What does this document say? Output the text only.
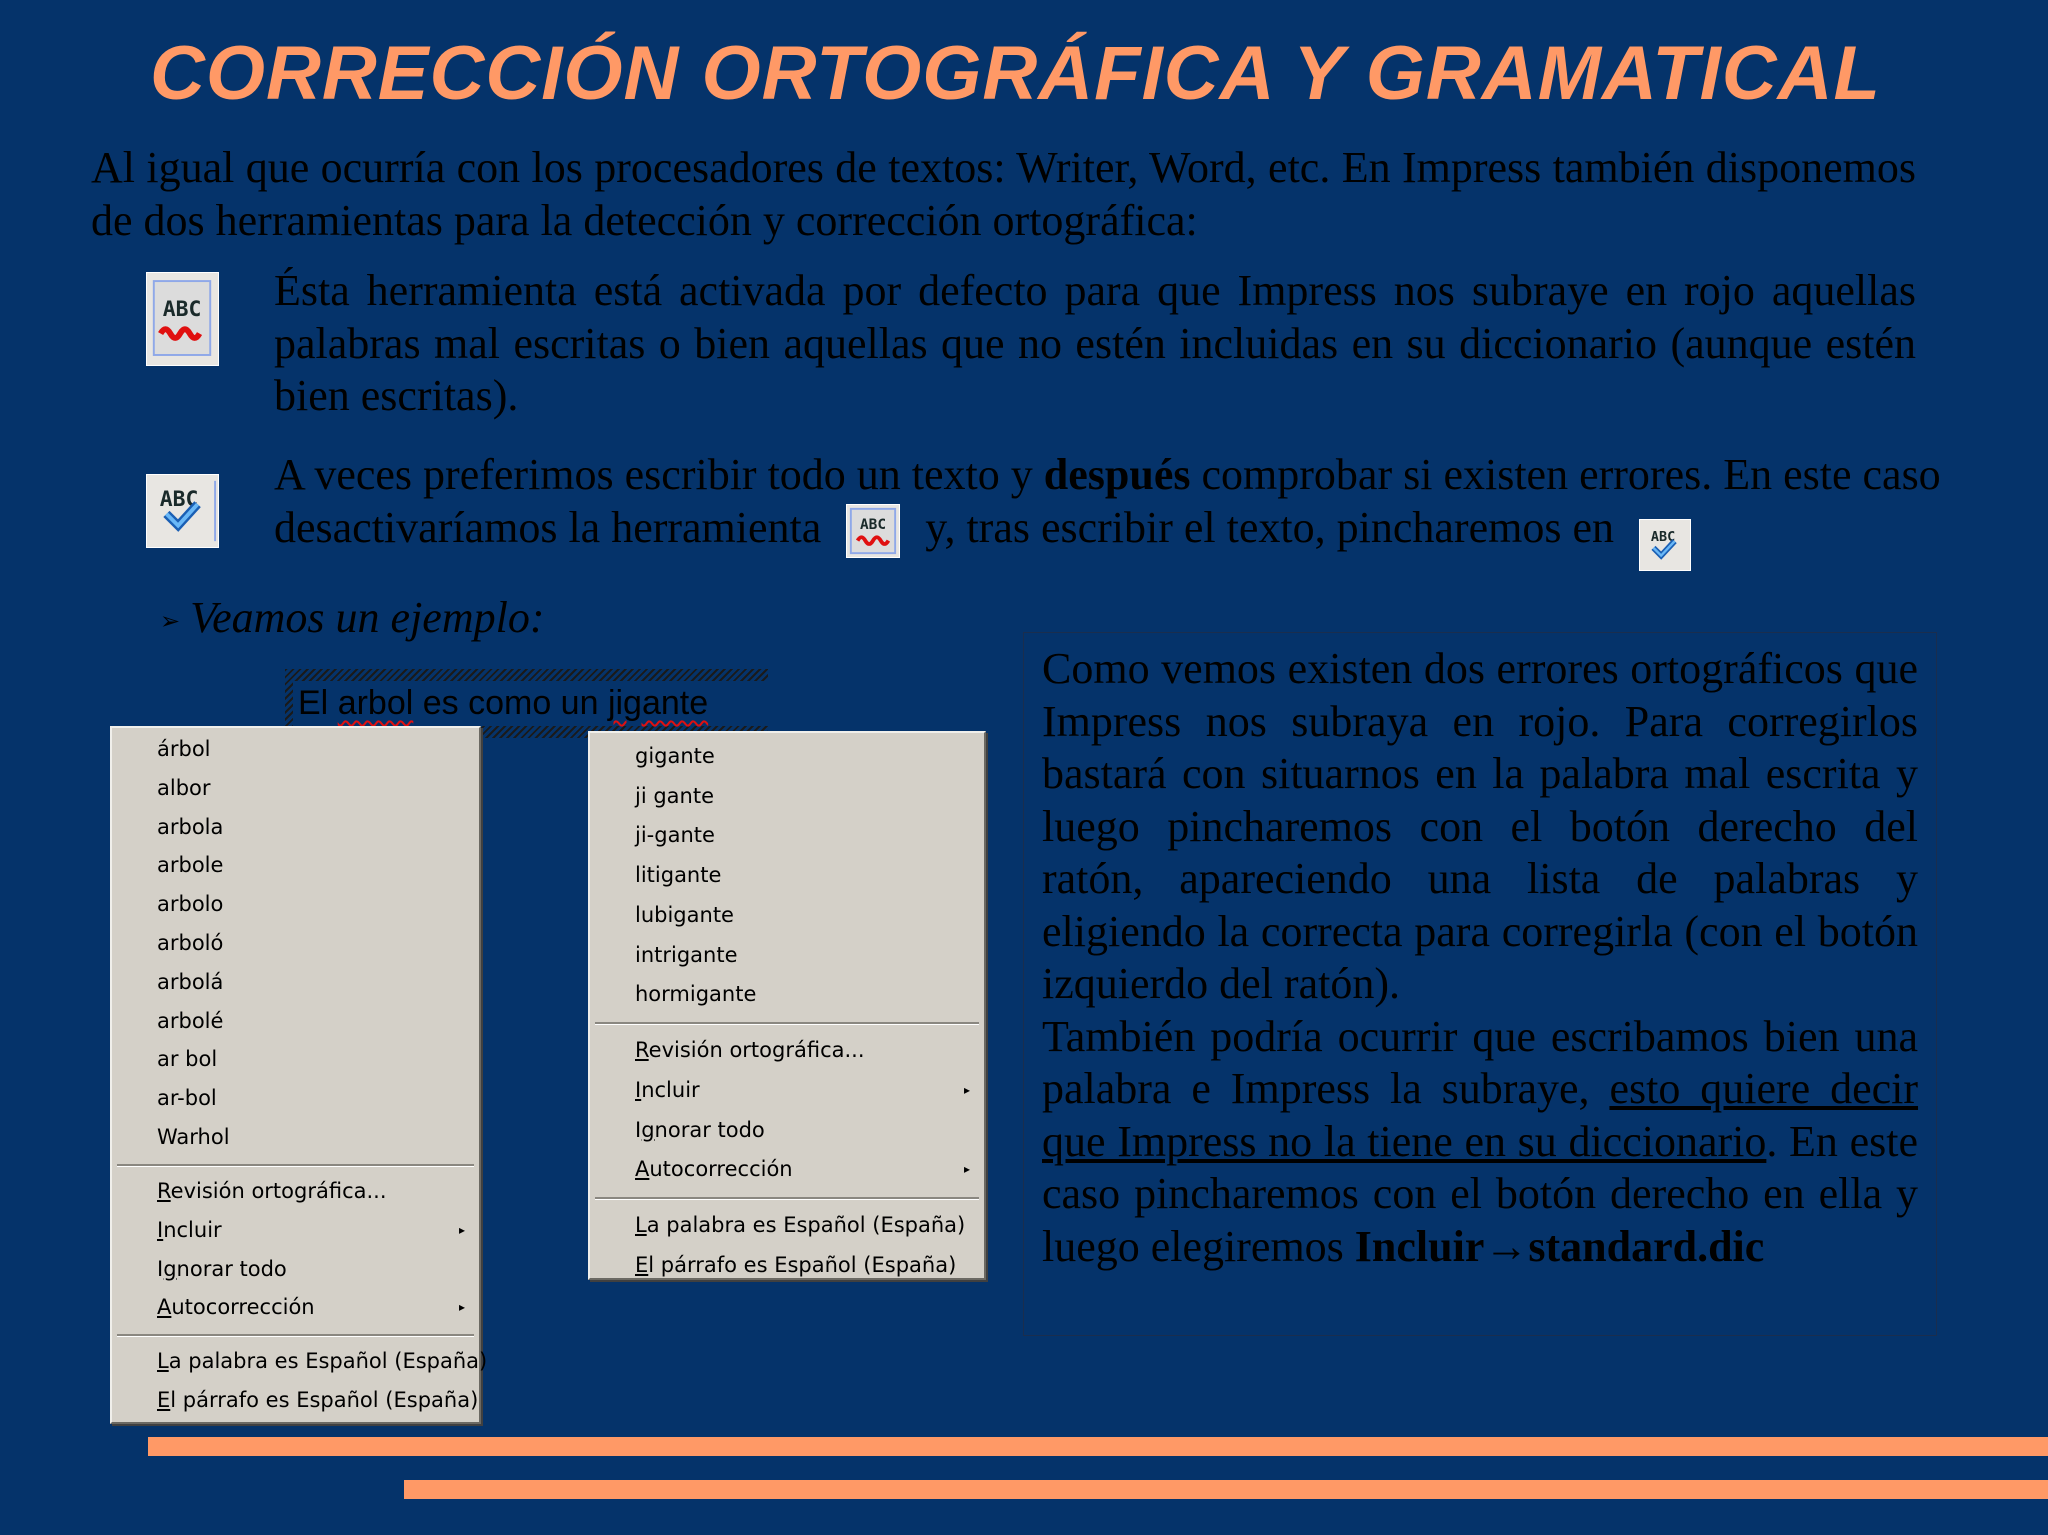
CORRECCIÓN ORTOGRÁFICA Y GRAMATICAL
Al igual que ocurría con los procesadores de textos: Writer, Word, etc. En Impress también disponemos de dos herramientas para la detección y corrección ortográfica:
ABC Ésta herramienta está activada por defecto para que Impress nos subraye en rojo aquellas palabras mal escritas o bien aquellas que no estén incluidas en su diccionario (aunque estén bien escritas).
ABC
A veces preferimos escribir todo un texto y después comprobar si existen errores. En este caso desactivaríamos la herramienta ABC y, tras escribir el texto, pincharemos en ABC
➢ Veamos un ejemplo:
El arbol es como un jigante
árbol
albor
arbola
arbole
arbolo
arboló
arbolá
arbolé
ar bol
ar-bol
Warhol
Revisión ortográfica...
Incluir	▸
Ignorar todo
Autocorrección	▸
La palabra es Español (España)
El párrafo es Español (España)
gigante
ji gante
ji-gante
litigante
lubigante
intrigante
hormigante
Revisión ortográfica...
Incluir	▸
Ignorar todo
Autocorrección	▸
La palabra es Español (España)
El párrafo es Español (España)
Como vemos existen dos errores ortográficos que Impress nos subraya en rojo. Para corregirlos bastará con situarnos en la palabra mal escrita y luego pincharemos con el botón derecho del ratón, apareciendo una lista de palabras y eligiendo la correcta para corregirla (con el botón izquierdo del ratón).
También podría ocurrir que escribamos bien una palabra e Impress la subraye, esto quiere decir que Impress no la tiene en su diccionario. En este caso pincharemos con el botón derecho en ella y luego elegiremos Incluir→standard.dic
